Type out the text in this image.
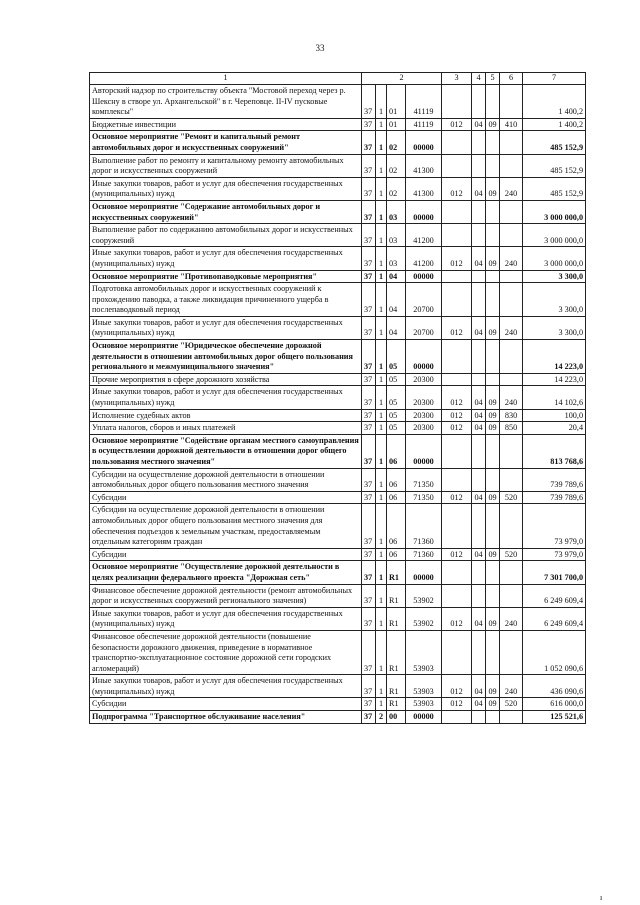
33
1	2				3	4	5	6	7
Авторский надзор по строительству объекта "Мостовой переход через р. Шексну в створе ул. Архангельской" в г. Череповце. II-IV пусковые комплексы"	37	1	01	41119					1 400,2
Бюджетные инвестиции	37	1	01	41119	012	04	09	410	1 400,2
Основное мероприятие "Ремонт и капитальный ремонт автомобильных дорог и искусственных сооружений"	37	1	02	00000					485 152,9
Выполнение работ по ремонту и капитальному ремонту автомобильных дорог и искусственных сооружений	37	1	02	41300					485 152,9
Иные закупки товаров, работ и услуг для обеспечения государственных (муниципальных) нужд	37	1	02	41300	012	04	09	240	485 152,9
Основное мероприятие "Содержание автомобильных дорог и искусственных сооружений"	37	1	03	00000					3 000 000,0
Выполнение работ по содержанию автомобильных дорог и искусственных сооружений	37	1	03	41200					3 000 000,0
Иные закупки товаров, работ и услуг для обеспечения государственных (муниципальных) нужд	37	1	03	41200	012	04	09	240	3 000 000,0
Основное мероприятие "Противопаводковые мероприятия"	37	1	04	00000					3 300,0
Подготовка автомобильных дорог и искусственных сооружений к прохождению паводка, а также ликвидация причиненного ущерба в послепаводковый период	37	1	04	20700					3 300,0
Иные закупки товаров, работ и услуг для обеспечения государственных (муниципальных) нужд	37	1	04	20700	012	04	09	240	3 300,0
Основное мероприятие "Юридическое обеспечение дорожной деятельности в отношении автомобильных дорог общего пользования регионального и межмуниципального значения"	37	1	05	00000					14 223,0
Прочие мероприятия в сфере дорожного хозяйства	37	1	05	20300					14 223,0
Иные закупки товаров, работ и услуг для обеспечения государственных (муниципальных) нужд	37	1	05	20300	012	04	09	240	14 102,6
Исполнение судебных актов	37	1	05	20300	012	04	09	830	100,0
Уплата налогов, сборов и иных платежей	37	1	05	20300	012	04	09	850	20,4
Основное мероприятие "Содействие органам местного самоуправления в осуществлении дорожной деятельности в отношении дорог общего пользования местного значения"	37	1	06	00000					813 768,6
Субсидии на осуществление дорожной деятельности в отношении автомобильных дорог общего пользования местного значения	37	1	06	71350					739 789,6
Субсидии	37	1	06	71350	012	04	09	520	739 789,6
Субсидии на осуществление дорожной деятельности в отношении автомобильных дорог общего пользования местного значения для обеспечения подъездов к земельным участкам, предоставляемым отдельным категориям граждан	37	1	06	71360					73 979,0
Субсидии	37	1	06	71360	012	04	09	520	73 979,0
Основное мероприятие "Осуществление дорожной деятельности в целях реализации федерального проекта "Дорожная сеть"	37	1	R1	00000					7 301 700,0
Финансовое обеспечение дорожной деятельности (ремонт автомобильных дорог и искусственных сооружений регионального значения)	37	1	R1	53902					6 249 609,4
Иные закупки товаров, работ и услуг для обеспечения государственных (муниципальных) нужд	37	1	R1	53902	012	04	09	240	6 249 609,4
Финансовое обеспечение дорожной деятельности (повышение безопасности дорожного движения, приведение в нормативное транспортно-эксплуатационное состояние дорожной сети городских агломераций)	37	1	R1	53903					1 052 090,6
Иные закупки товаров, работ и услуг для обеспечения государственных (муниципальных) нужд	37	1	R1	53903	012	04	09	240	436 090,6
Субсидии	37	1	R1	53903	012	04	09	520	616 000,0
Подпрограмма "Транспортное обслуживание населения"	37	2	00	00000					125 521,6
ı
